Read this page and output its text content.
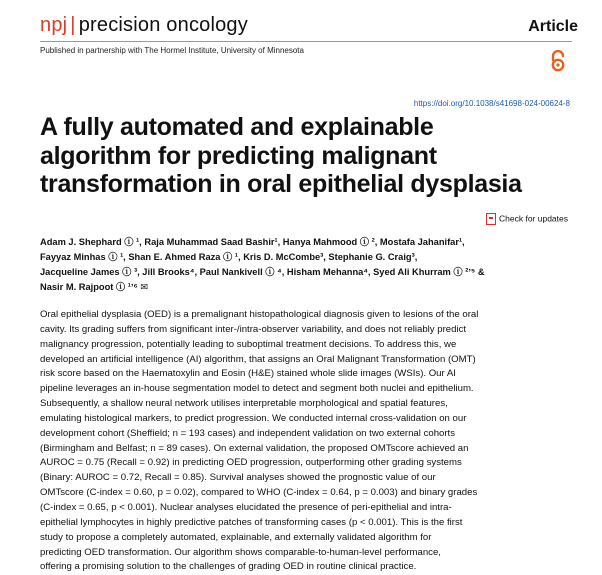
npj | precision oncology	Article
Published in partnership with The Hormel Institute, University of Minnesota
https://doi.org/10.1038/s41698-024-00624-8
A fully automated and explainable
algorithm for predicting malignant
transformation in oral epithelial dysplasia
Check for updates
Adam J. Shephard ⓘ ¹, Raja Muhammad Saad Bashir¹, Hanya Mahmood ⓘ ², Mostafa Jahanifar¹,
Fayyaz Minhas ⓘ ¹, Shan E. Ahmed Raza ⓘ ¹, Kris D. McCombe³, Stephanie G. Craig³,
Jacqueline James ⓘ ³, Jill Brooks⁴, Paul Nankivell ⓘ ⁴, Hisham Mehanna⁴, Syed Ali Khurram ⓘ ²ʼ⁵ &
Nasir M. Rajpoot ⓘ ¹ʼ⁶ ✉
Oral epithelial dysplasia (OED) is a premalignant histopathological diagnosis given to lesions of the oral
cavity. Its grading suffers from significant inter-/intra-observer variability, and does not reliably predict
malignancy progression, potentially leading to suboptimal treatment decisions. To address this, we
developed an artificial intelligence (AI) algorithm, that assigns an Oral Malignant Transformation (OMT)
risk score based on the Haematoxylin and Eosin (H&E) stained whole slide images (WSIs). Our AI
pipeline leverages an in-house segmentation model to detect and segment both nuclei and epithelium.
Subsequently, a shallow neural network utilises interpretable morphological and spatial features,
emulating histological markers, to predict progression. We conducted internal cross-validation on our
development cohort (Sheffield; n = 193 cases) and independent validation on two external cohorts
(Birmingham and Belfast; n = 89 cases). On external validation, the proposed OMTscore achieved an
AUROC = 0.75 (Recall = 0.92) in predicting OED progression, outperforming other grading systems
(Binary: AUROC = 0.72, Recall = 0.85). Survival analyses showed the prognostic value of our
OMTscore (C-index = 0.60, p = 0.02), compared to WHO (C-index = 0.64, p = 0.003) and binary grades
(C-index = 0.65, p < 0.001). Nuclear analyses elucidated the presence of peri-epithelial and intra-
epithelial lymphocytes in highly predictive patches of transforming cases (p < 0.001). This is the first
study to propose a completely automated, explainable, and externally validated algorithm for
predicting OED transformation. Our algorithm shows comparable-to-human-level performance,
offering a promising solution to the challenges of grading OED in routine clinical practice.
